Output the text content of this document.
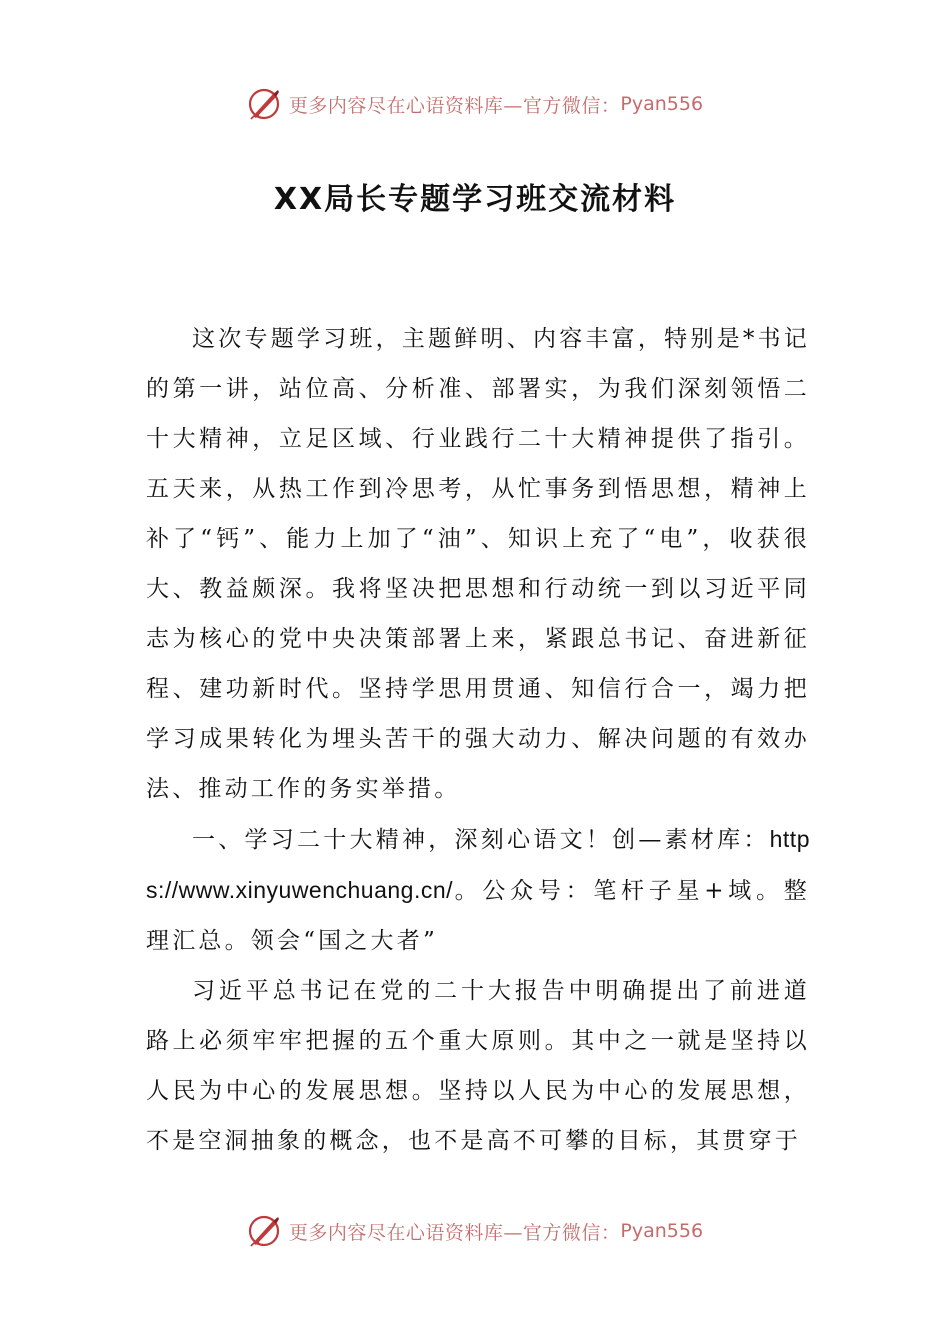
更多内容尽在心语资料库—官方微信： Pyan556
XX局长专题学习班交流材料

这次专题学习班，主题鲜明、内容丰富，特别是*书记的第一讲，站位高、分析准、部署实，为我们深刻领悟二十大精神，立足区域、行业践行二十大精神提供了指引。五天来，从热工作到冷思考，从忙事务到悟思想，精神上补了“钙”、能力上加了“油”、知识上充了“电”，收获很大、教益颇深。我将坚决把思想和行动统一到以习近平同志为核心的党中央决策部署上来，紧跟总书记、奋进新征程、建功新时代。坚持学思用贯通、知信行合一，竭力把学习成果转化为埋头苦干的强大动力、解决问题的有效办法、推动工作的务实举措。

一、学习二十大精神，深刻心语文！创—素材库：https://www.xinyuwenchuang.cn/。公众号：笔杆子星+域。整理汇总。领会“国之大者”

习近平总书记在党的二十大报告中明确提出了前进道路上必须牢牢把握的五个重大原则。其中之一就是坚持以人民为中心的发展思想。坚持以人民为中心的发展思想，不是空洞抽象的概念，也不是高不可攀的目标，其贯穿于

更多内容尽在心语资料库—官方微信： Pyan556
